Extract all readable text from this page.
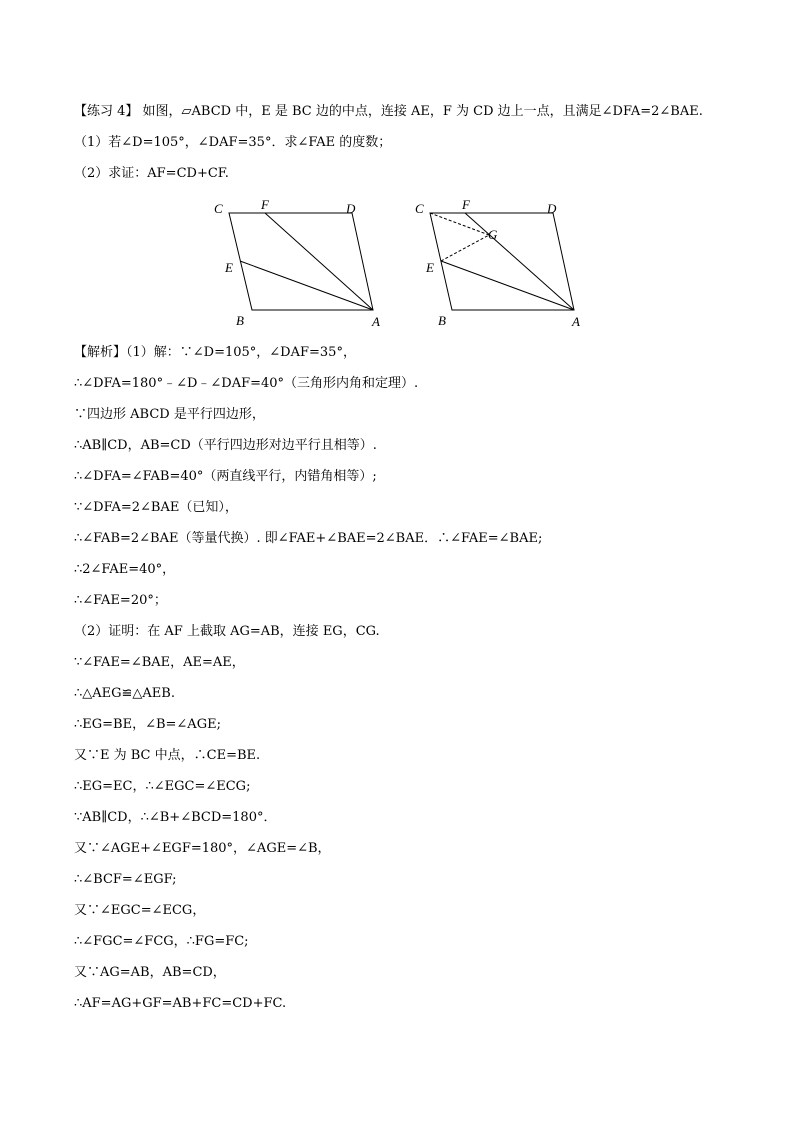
【练习 4】 如图，▱ABCD 中，E 是 BC 边的中点，连接 AE，F 为 CD 边上一点，且满足∠DFA=2∠BAE.
（1）若∠D=105°，∠DAF=35°．求∠FAE 的度数；
（2）求证：AF=CD+CF.
C	F	D
E
B	A
C	F	D
G
E
B	A
【解析】（1）解：∵∠D=105°，∠DAF=35°，
∴∠DFA=180°﹣∠D﹣∠DAF=40°（三角形内角和定理）.
∵四边形 ABCD 是平行四边形，
∴AB∥CD，AB=CD（平行四边形对边平行且相等）.
∴∠DFA=∠FAB=40°（两直线平行，内错角相等）;
∵∠DFA=2∠BAE（已知），
∴∠FAB=2∠BAE（等量代换）. 即∠FAE+∠BAE=2∠BAE．∴∠FAE=∠BAE;
∴2∠FAE=40°，
∴∠FAE=20°；
（2）证明：在 AF 上截取 AG=AB，连接 EG，CG.
∵∠FAE=∠BAE，AE=AE，
∴△AEG≌△AEB.
∴EG=BE，∠B=∠AGE;
又∵E 为 BC 中点，∴CE=BE.
∴EG=EC，∴∠EGC=∠ECG;
∵AB∥CD，∴∠B+∠BCD=180°．
又∵∠AGE+∠EGF=180°，∠AGE=∠B，
∴∠BCF=∠EGF;
又∵∠EGC=∠ECG，
∴∠FGC=∠FCG，∴FG=FC;
又∵AG=AB，AB=CD，
∴AF=AG+GF=AB+FC=CD+FC.
